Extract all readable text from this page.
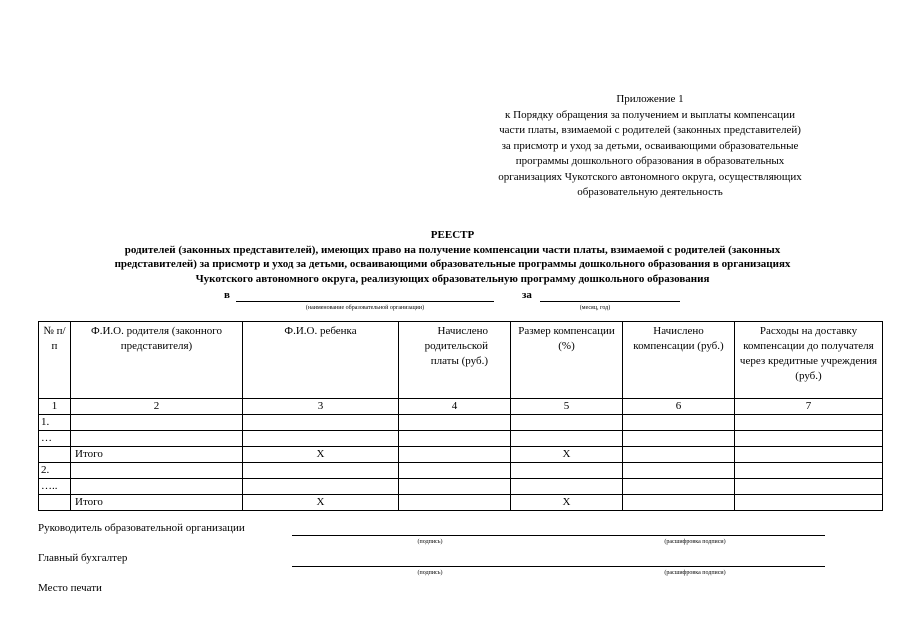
Приложение 1
к Порядку обращения за получением и выплаты компенсации
части платы, взимаемой с родителей (законных представителей)
за присмотр и уход за детьми, осваивающими образовательные
программы дошкольного образования в образовательных
организациях Чукотского автономного округа, осуществляющих
образовательную деятельность
РЕЕСТР
родителей (законных представителей), имеющих право на получение компенсации части платы, взимаемой с родителей (законных
представителей) за присмотр и уход за детьми, осваивающими образовательные программы дошкольного образования в организациях
Чукотского автономного округа, реализующих образовательную программу дошкольного образования
в
(наименование образовательной организации)
за
(месяц, год)
№ п/п	Ф.И.О. родителя (законного представителя)	Ф.И.О. ребенка	Начислено родительской платы (руб.)	Размер компенсации (%)	Начислено компенсации (руб.)	Расходы на доставку компенсации до получателя через кредитные учреждения (руб.)
1	2	3	4	5	6	7
1.						
…						
	Итого	Х		Х		
2.						
…..						
	Итого	Х		Х		
Руководитель образовательной организации
(подпись)	(расшифровка подписи)
Главный бухгалтер
(подпись)	(расшифровка подписи)
Место печати
